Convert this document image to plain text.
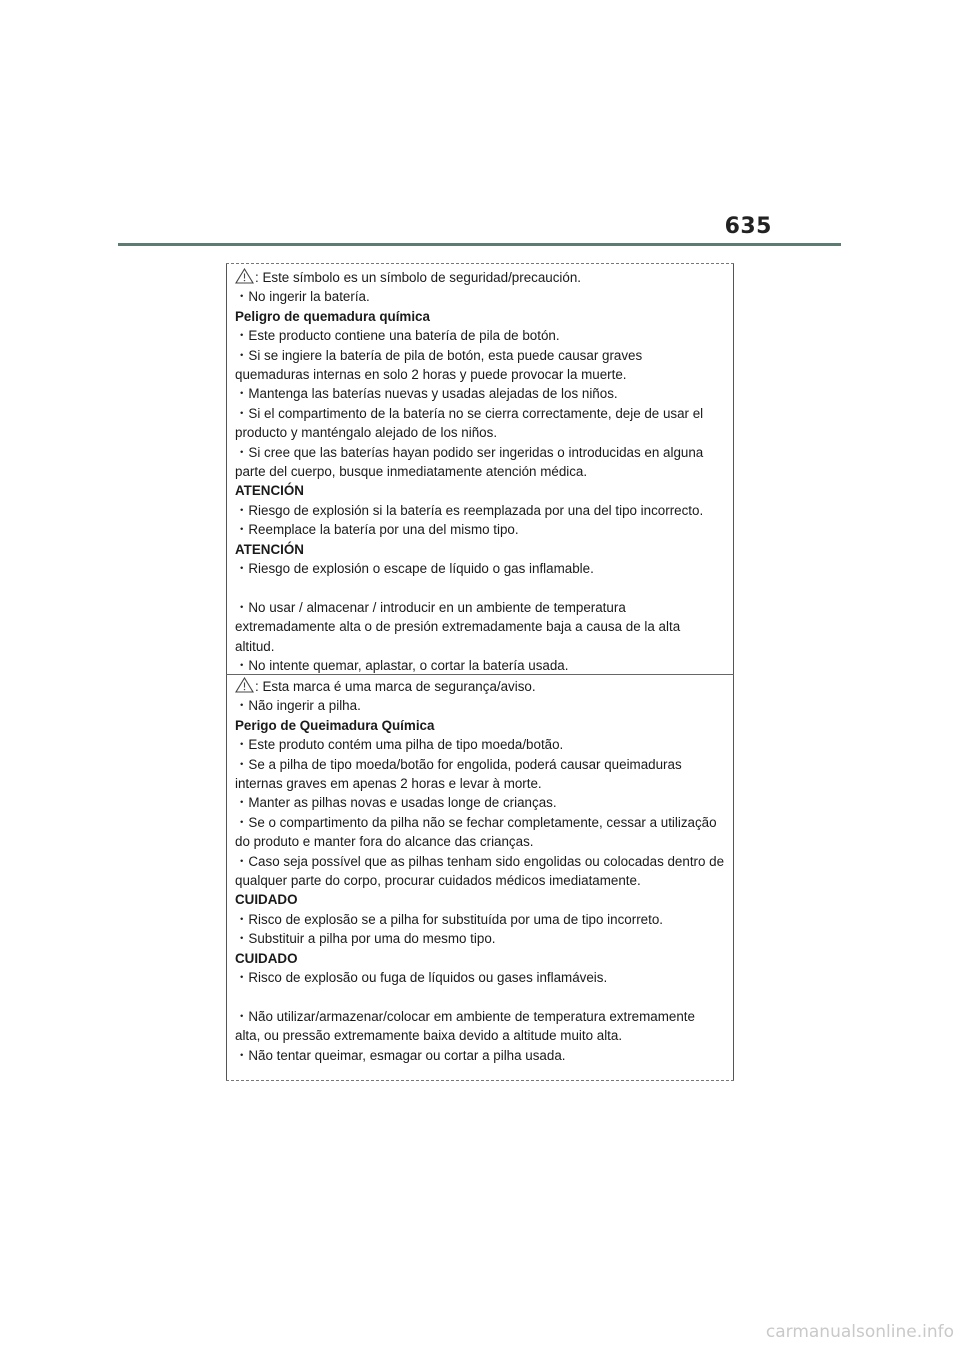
635

: Este símbolo es un símbolo de seguridad/precaución.

・No ingerir la batería.

Peligro de quemadura química

・Este producto contiene una batería de pila de botón.

・Si se ingiere la batería de pila de botón, esta puede causar graves

quemaduras internas en solo 2 horas y puede provocar la muerte.

・Mantenga las baterías nuevas y usadas alejadas de los niños.

・Si el compartimento de la batería no se cierra correctamente, deje de usar el

producto y manténgalo alejado de los niños.

・Si cree que las baterías hayan podido ser ingeridas o introducidas en alguna

parte del cuerpo, busque inmediatamente atención médica.

ATENCIÓN

・Riesgo de explosión si la batería es reemplazada por una del tipo incorrecto.

・Reemplace la batería por una del mismo tipo.

ATENCIÓN

・Riesgo de explosión o escape de líquido o gas inflamable.

・No usar / almacenar / introducir en un ambiente de temperatura

extremadamente alta o de presión extremadamente baja a causa de la alta

altitud.

・No intente quemar, aplastar, o cortar la batería usada.

: Esta marca é uma marca de segurança/aviso.

・Não ingerir a pilha.

Perigo de Queimadura Química

・Este produto contém uma pilha de tipo moeda/botão.

・Se a pilha de tipo moeda/botão for engolida, poderá causar queimaduras

internas graves em apenas 2 horas e levar à morte.

・Manter as pilhas novas e usadas longe de crianças.

・Se o compartimento da pilha não se fechar completamente, cessar a utilização

do produto e manter fora do alcance das crianças.

・Caso seja possível que as pilhas tenham sido engolidas ou colocadas dentro de

qualquer parte do corpo, procurar cuidados médicos imediatamente.

CUIDADO

・Risco de explosão se a pilha for substituída por uma de tipo incorreto.

・Substituir a pilha por uma do mesmo tipo.

CUIDADO

・Risco de explosão ou fuga de líquidos ou gases inflamáveis.

・Não utilizar/armazenar/colocar em ambiente de temperatura extremamente

alta, ou pressão extremamente baixa devido a altitude muito alta.

・Não tentar queimar, esmagar ou cortar a pilha usada.

carmanualsonline.info
